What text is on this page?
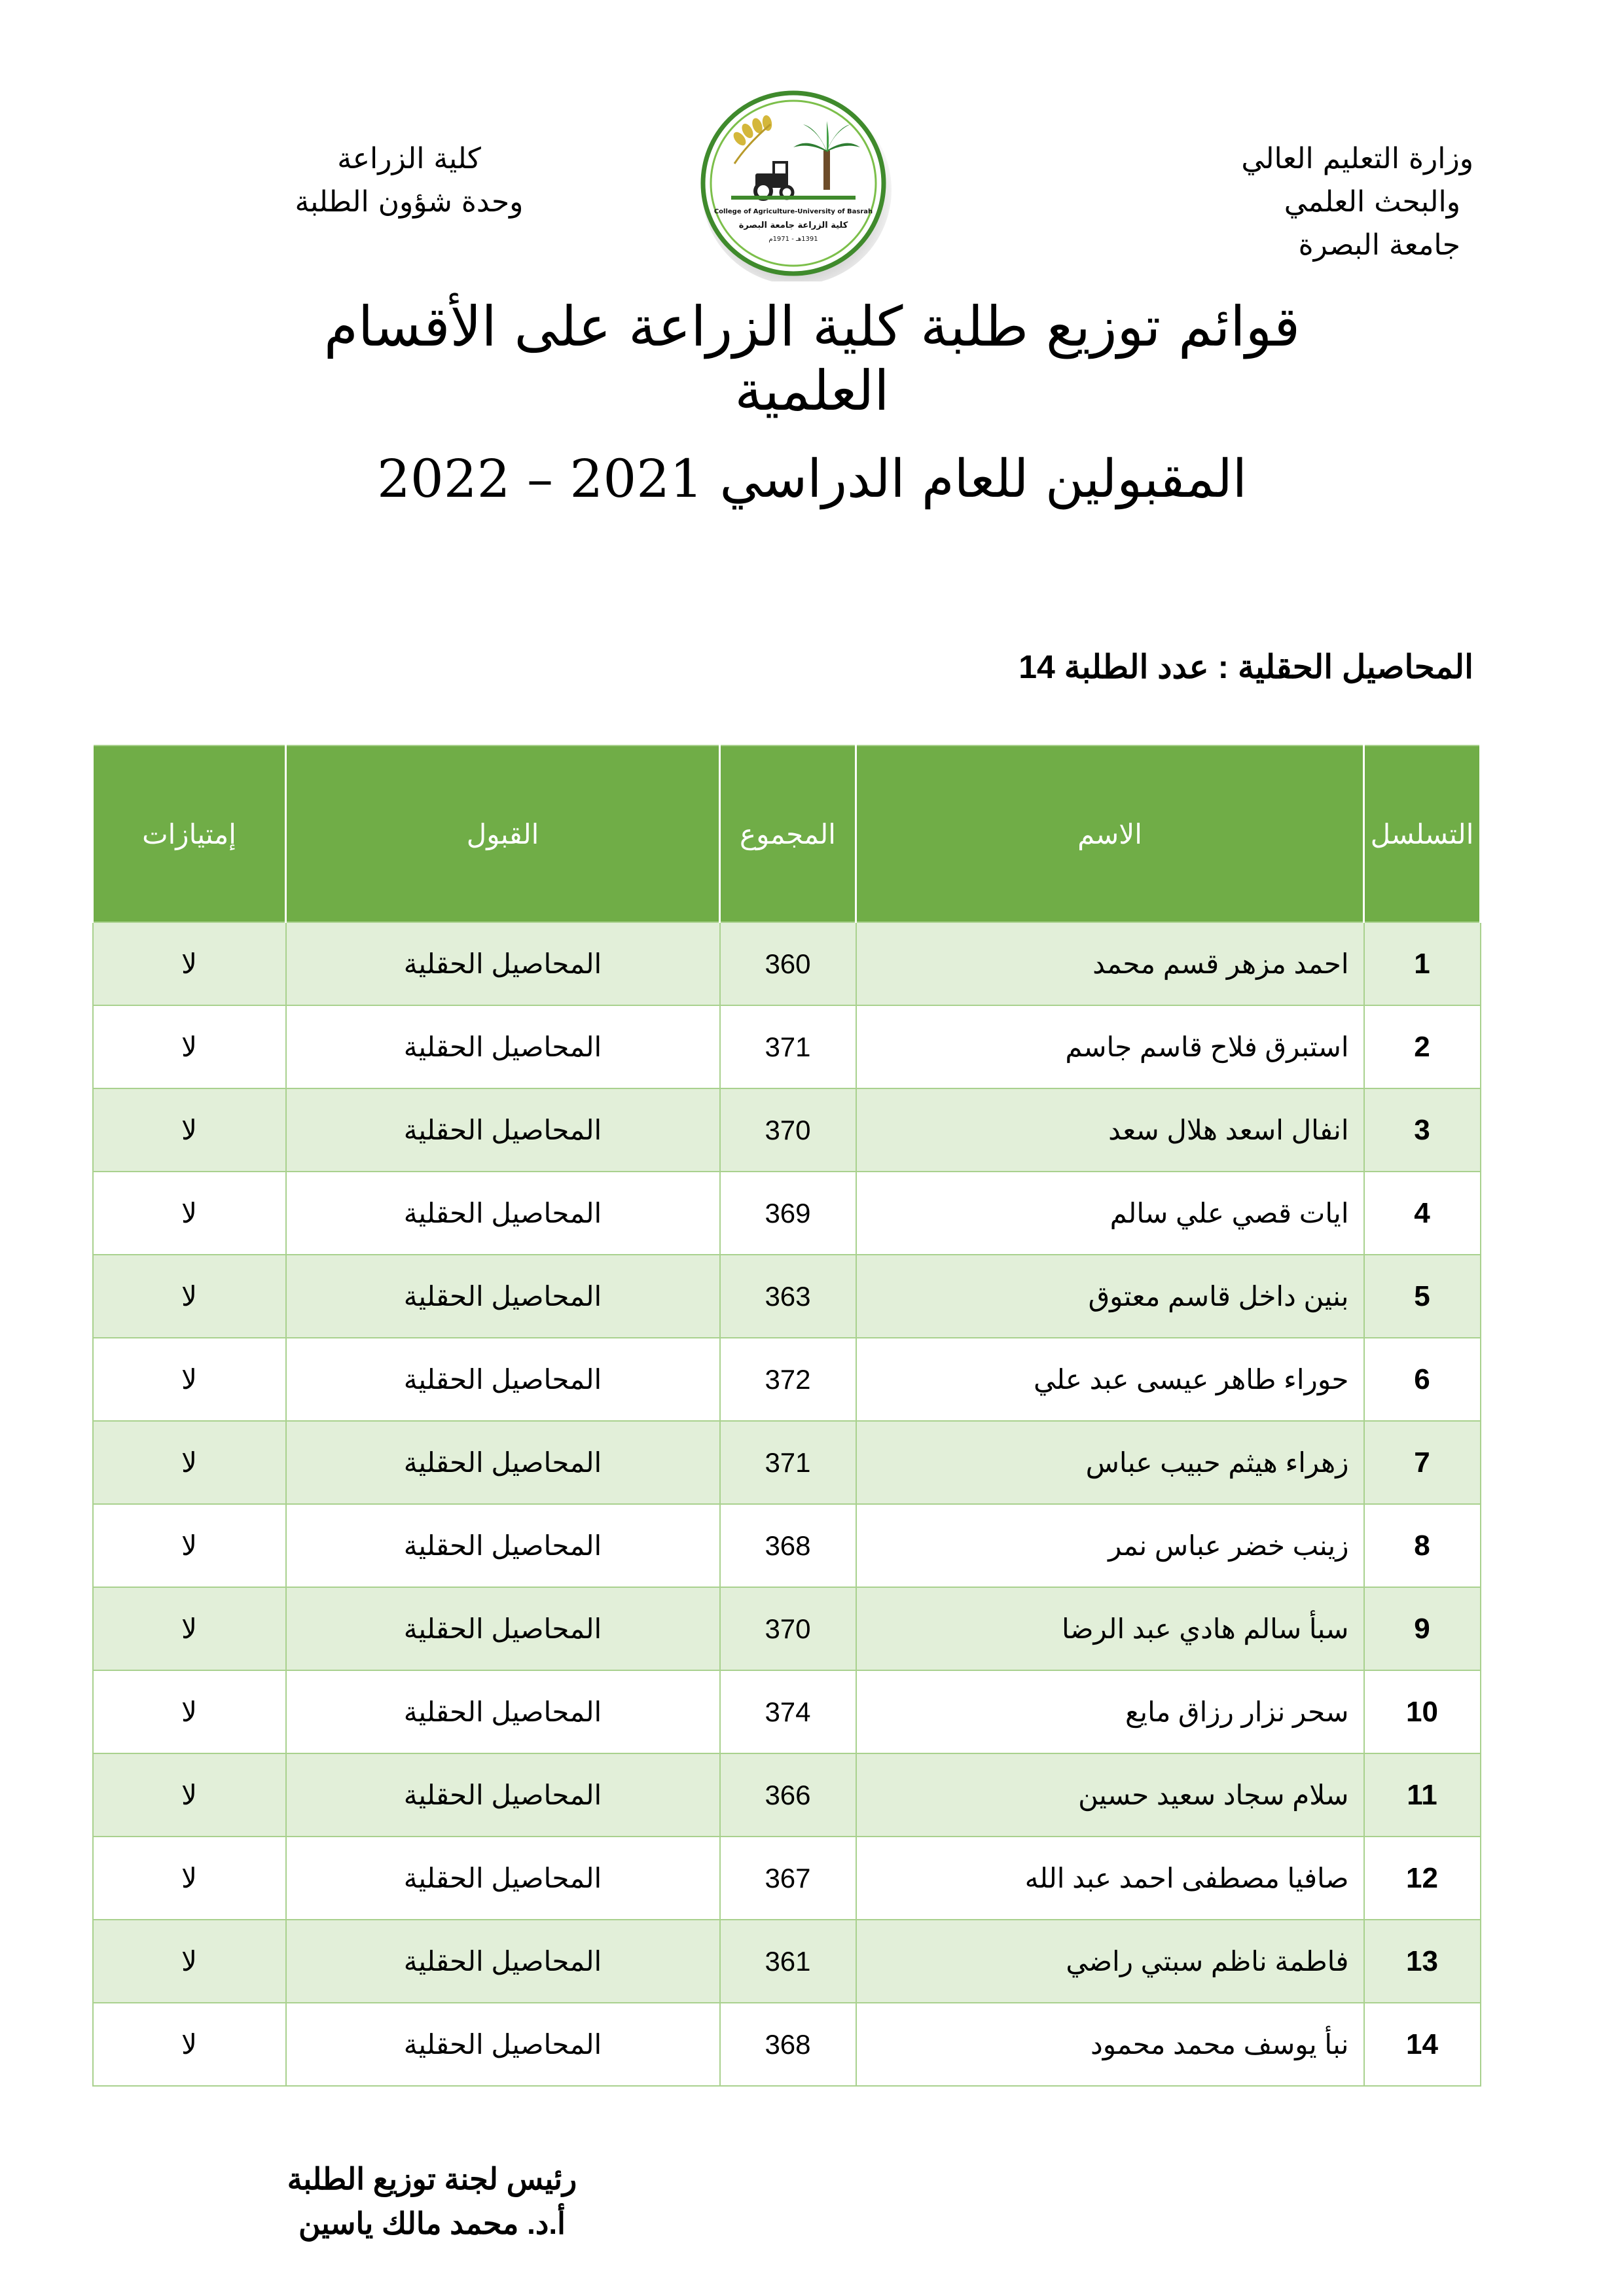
وزارة التعليم العالي
والبحث العلمي
جامعة البصرة
كلية الزراعة
وحدة شؤون الطلبة	College of Agriculture-University of Basrah
كلية الزراعة جامعة البصرة
1391هـ - 1971م
قوائم توزيع طلبة كلية الزراعة على الأقسام العلمية
المقبولين للعام الدراسي 2021 – 2022
المحاصيل الحقلية : عدد الطلبة 14
التسلسل	الاسم	المجموع	القبول	إمتيازات
1	احمد مزهر قسم محمد	360	المحاصيل الحقلية	لا
2	استبرق فلاح قاسم جاسم	371	المحاصيل الحقلية	لا
3	انفال اسعد هلال سعد	370	المحاصيل الحقلية	لا
4	ايات قصي علي سالم	369	المحاصيل الحقلية	لا
5	بنين داخل قاسم معتوق	363	المحاصيل الحقلية	لا
6	حوراء طاهر عيسى عبد علي	372	المحاصيل الحقلية	لا
7	زهراء هيثم حبيب عباس	371	المحاصيل الحقلية	لا
8	زينب خضر عباس نمر	368	المحاصيل الحقلية	لا
9	سبأ سالم هادي عبد الرضا	370	المحاصيل الحقلية	لا
10	سحر نزار رزاق مايع	374	المحاصيل الحقلية	لا
11	سلام سجاد سعيد حسين	366	المحاصيل الحقلية	لا
12	صافيا مصطفى احمد عبد الله	367	المحاصيل الحقلية	لا
13	فاطمة ناظم سبتي راضي	361	المحاصيل الحقلية	لا
14	نبأ يوسف محمد محمود	368	المحاصيل الحقلية	لا
رئيس لجنة توزيع الطلبة
أ.د. محمد مالك ياسين
